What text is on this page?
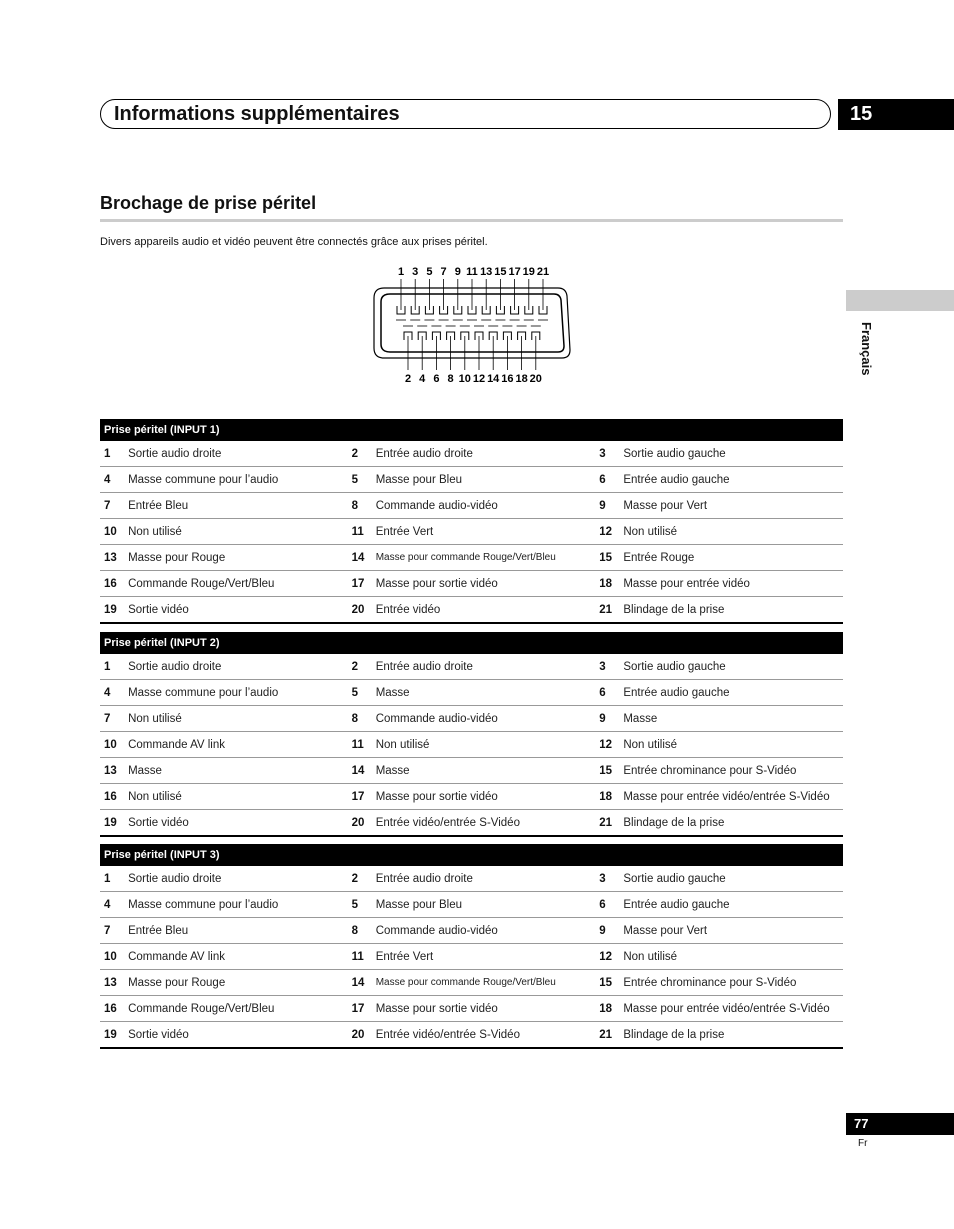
Informations supplémentaires	15
Brochage de prise péritel
Divers appareils audio et vidéo peuvent être connectés grâce aux prises péritel.
Français
1 3 5 7 9 11 13 15 17 19 21
2 4 6 8 10 12 14 16 18 20
Prise péritel (INPUT 1)					
1	Sortie audio droite	2	Entrée audio droite	3	Sortie audio gauche
4	Masse commune pour l’audio	5	Masse pour Bleu	6	Entrée audio gauche
7	Entrée Bleu	8	Commande audio-vidéo	9	Masse pour Vert
10	Non utilisé	11	Entrée Vert	12	Non utilisé
13	Masse pour Rouge	14	Masse pour commande Rouge/Vert/Bleu	15	Entrée Rouge
16	Commande Rouge/Vert/Bleu	17	Masse pour sortie vidéo	18	Masse pour entrée vidéo
19	Sortie vidéo	20	Entrée vidéo	21	Blindage de la prise
Prise péritel (INPUT 2)					
1	Sortie audio droite	2	Entrée audio droite	3	Sortie audio gauche
4	Masse commune pour l’audio	5	Masse	6	Entrée audio gauche
7	Non utilisé	8	Commande audio-vidéo	9	Masse
10	Commande AV link	11	Non utilisé	12	Non utilisé
13	Masse	14	Masse	15	Entrée chrominance pour S-Vidéo
16	Non utilisé	17	Masse pour sortie vidéo	18	Masse pour entrée vidéo/entrée S-Vidéo
19	Sortie vidéo	20	Entrée vidéo/entrée S-Vidéo	21	Blindage de la prise
Prise péritel (INPUT 3)					
1	Sortie audio droite	2	Entrée audio droite	3	Sortie audio gauche
4	Masse commune pour l’audio	5	Masse pour Bleu	6	Entrée audio gauche
7	Entrée Bleu	8	Commande audio-vidéo	9	Masse pour Vert
10	Commande AV link	11	Entrée Vert	12	Non utilisé
13	Masse pour Rouge	14	Masse pour commande Rouge/Vert/Bleu	15	Entrée chrominance pour S-Vidéo
16	Commande Rouge/Vert/Bleu	17	Masse pour sortie vidéo	18	Masse pour entrée vidéo/entrée S-Vidéo
19	Sortie vidéo	20	Entrée vidéo/entrée S-Vidéo	21	Blindage de la prise
77
Fr
